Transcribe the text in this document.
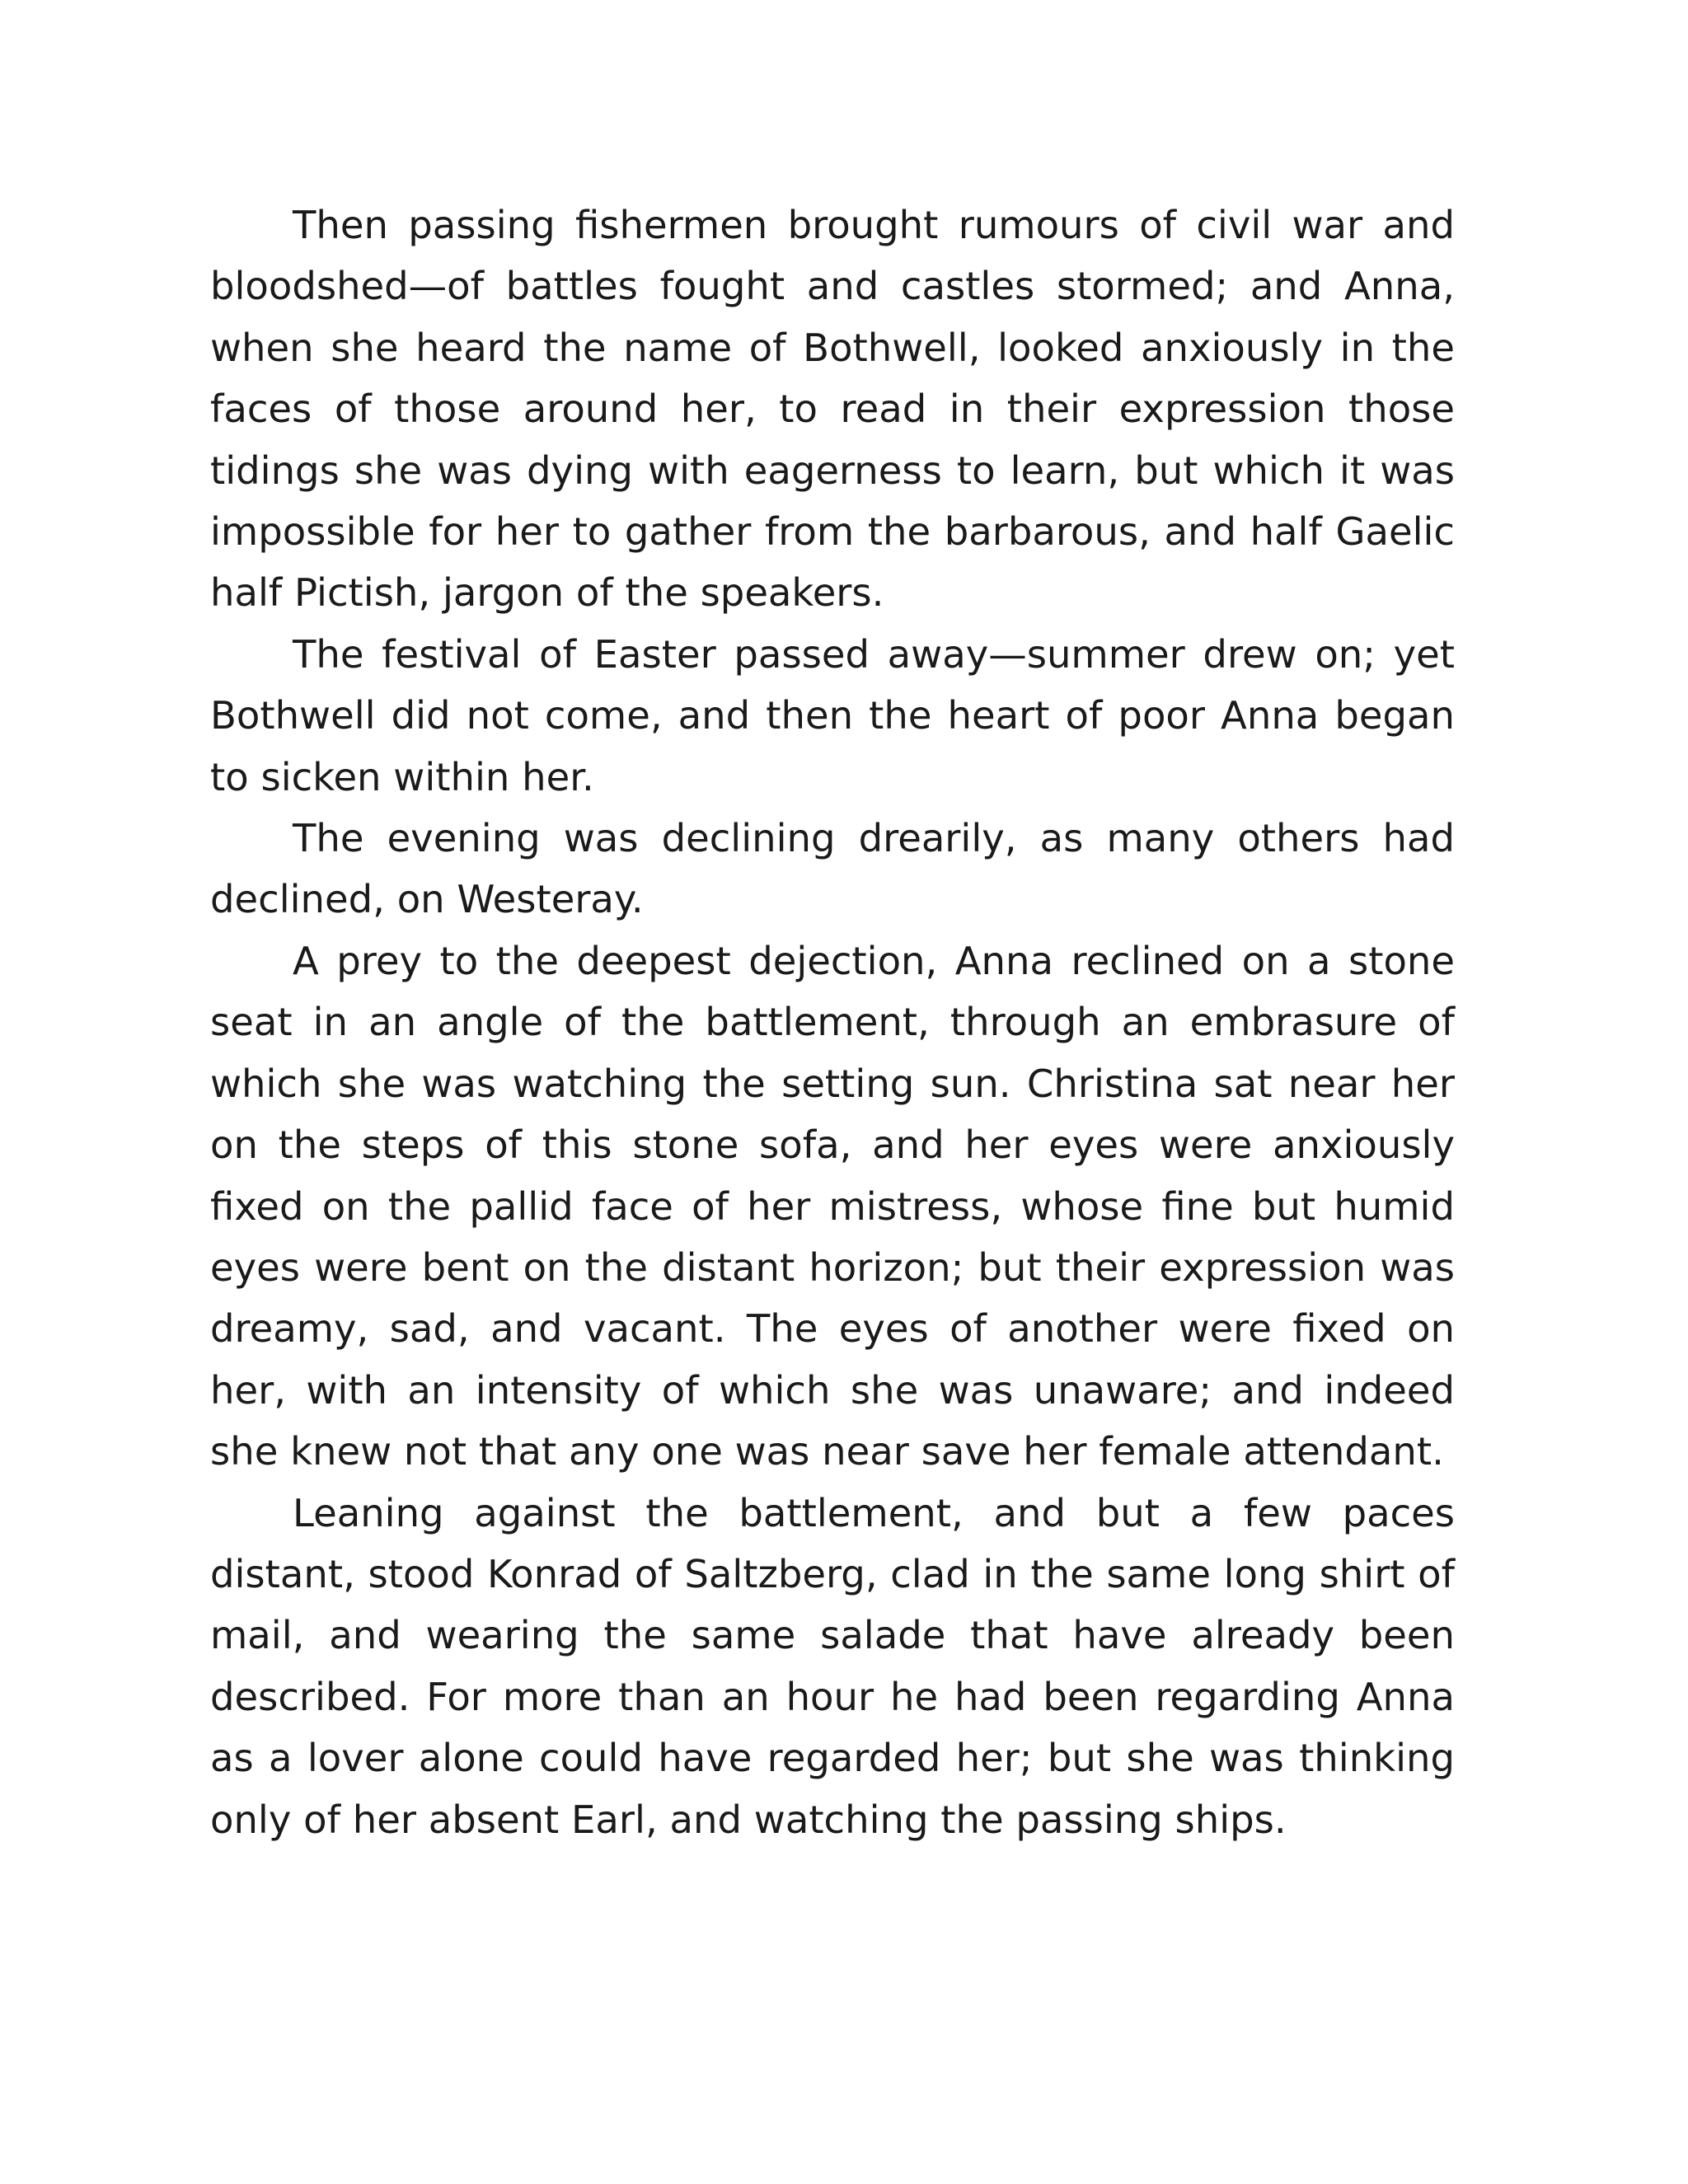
Then passing fishermen brought rumours of civil war and bloodshed—of battles fought and castles stormed; and Anna, when she heard the name of Bothwell, looked anxiously in the faces of those around her, to read in their expression those tidings she was dying with eagerness to learn, but which it was impossible for her to gather from the barbarous, and half Gaelic half Pictish, jargon of the speakers.

The festival of Easter passed away—summer drew on; yet Bothwell did not come, and then the heart of poor Anna began to sicken within her.

The evening was declining drearily, as many others had declined, on Westeray.

A prey to the deepest dejection, Anna reclined on a stone seat in an angle of the battlement, through an embrasure of which she was watching the setting sun. Christina sat near her on the steps of this stone sofa, and her eyes were anxiously fixed on the pallid face of her mistress, whose fine but humid eyes were bent on the distant horizon; but their expression was dreamy, sad, and vacant. The eyes of another were fixed on her, with an intensity of which she was unaware; and indeed she knew not that any one was near save her female attendant.

Leaning against the battlement, and but a few paces distant, stood Konrad of Saltzberg, clad in the same long shirt of mail, and wearing the same salade that have already been described. For more than an hour he had been regarding Anna as a lover alone could have regarded her; but she was thinking only of her absent Earl, and watching the passing ships.
